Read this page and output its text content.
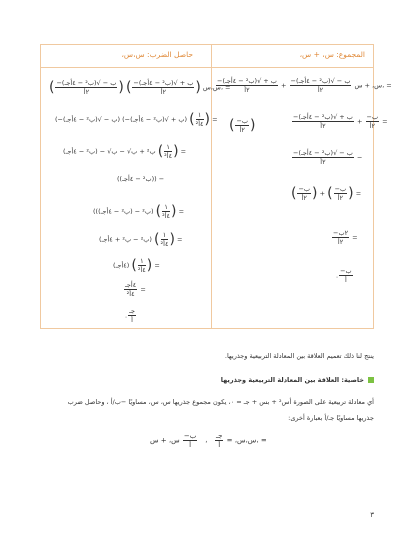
المجموع: س، + س،
حاصل الضرب: س،س،
$\frac{\text{−ب + √(ب² − ٤أجـ)}}{\text{٢أ}} + \frac{\text{−ب − √(ب² − ٤أجـ)}}{\text{٢أ}}$ س، + س، =
$\frac{\text{−ب + √(ب² − ٤أجـ)}}{\text{٢أ}} + \frac{\text{−ب}}{\text{٢أ}}$ =
( $\frac{\text{−ب}}{\text{٢أ}}$ )
$\frac{\text{−ب − √(ب² − ٤أجـ)}}{\text{٢أ}}$ −
( $\frac{\text{−ب}}{\text{٢أ}}$ ) + ( $\frac{\text{−ب}}{\text{٢أ}}$ ) =
$\frac{\text{−٢ب}}{\text{٢أ}}$ =
. $\frac{\text{−ب}}{\text{أ}}$
( $\frac{\text{−ب − √(ب² − ٤أجـ)}}{\text{٢أ}}$ ) ( $\frac{\text{−ب + √(ب² − ٤أجـ)}}{\text{٢أ}}$ ) س،س، =
(−ب − √(ب² − ٤أجـ)) (−ب + √(ب² − ٤أجـ)) ( $\frac{١}{\text{٤أ²}}$ ) =
ب² + ب√ − ب√ − (ب² − ٤أجـ) ( $\frac{١}{\text{٤أ²}}$ ) =
((ب² − ٤أجـ)) −
((ب² − (ب² − ٤أجـ)) ( $\frac{١}{\text{٤أ²}}$ ) =
(ب² − ب² + ٤أجـ) ( $\frac{١}{\text{٤أ²}}$ ) =
(٤أجـ) ( $\frac{١}{\text{٤أ²}}$ ) =
$\frac{\text{٤أجـ}}{\text{٤أ²}}$ =
. $\frac{\text{جـ}}{\text{أ}}$
ينتج لنا ذلك تعميم العلاقة بين المعادلة التربيعية وجذريها.
خاصية: العلاقة بين المعادلة التربيعية وجذريها
أي معادلة تربيعية على الصورة أس² + بس + جـ = ٠، يكون مجموع جذريها س، س، مساويًا −ب/أ ، وحاصل ضرب
جذريها مساويًا جـ/أ بعبارة أخرى:
س،س، =
$\frac{\text{جـ}}{\text{أ}}$
،
$\frac{\text{−ب}}{\text{أ}}$
س، + س، =
٣
